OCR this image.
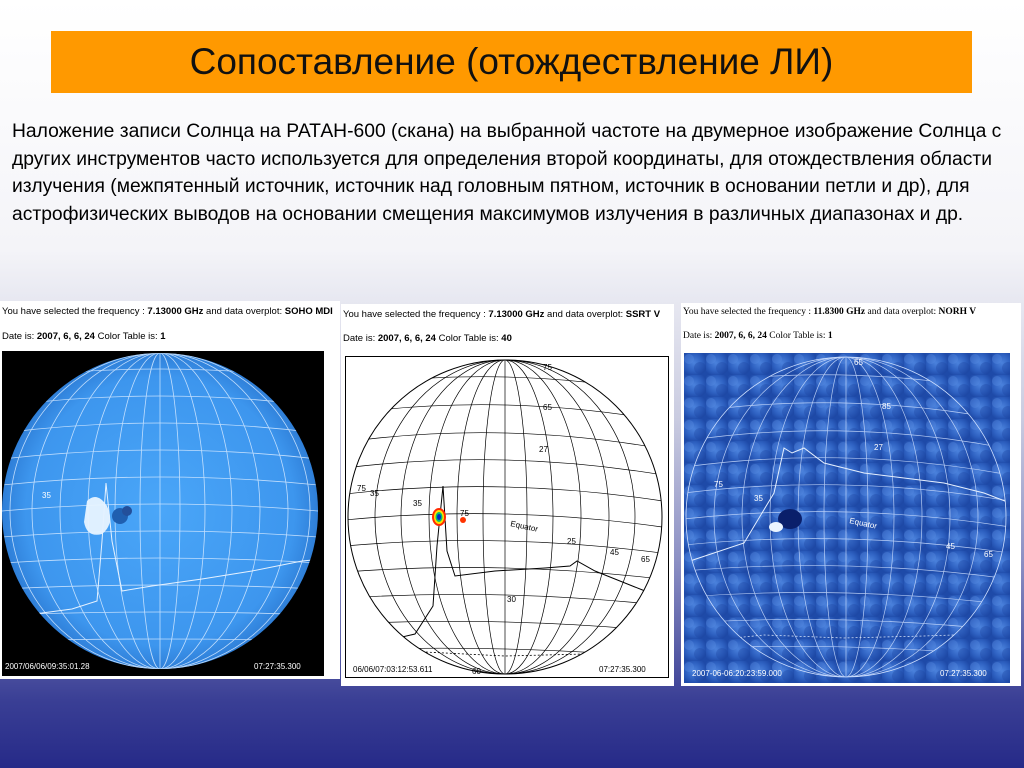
Сопоставление (отождествление ЛИ)
Наложение записи Солнца на РАТАН-600 (скана) на выбранной частоте на двумерное изображение Солнца с других инструментов часто используется для определения второй координаты, для отождествления области излучения (межпятенный источник, источник над головным пятном, источник в основании петли и др), для астрофизических выводов на основании смещения максимумов излучения в различных диапазонах и др.
You have selected the frequency : 7.13000 GHz and data overplot: SOHO MDI
Date is: 2007, 6, 6, 24 Color Table is: 1
35
2007/06/06/09:35:01.28	07:27:35.300
You have selected the frequency : 7.13000 GHz and data overplot: SSRT V
Date is: 2007, 6, 6, 24 Color Table is: 40
75
65
27
75
35
35
75
Equator
25
45
65
30
60
06/06/07:03:12:53.611	07:27:35.300
You have selected the frequency : 11.8300 GHz and data overplot: NORH V
Date is: 2007, 6, 6, 24 Color Table is: 1
65
85
27
75
35
Equator
45
65
2007-06-06:20:23:59.000	07:27:35.300
